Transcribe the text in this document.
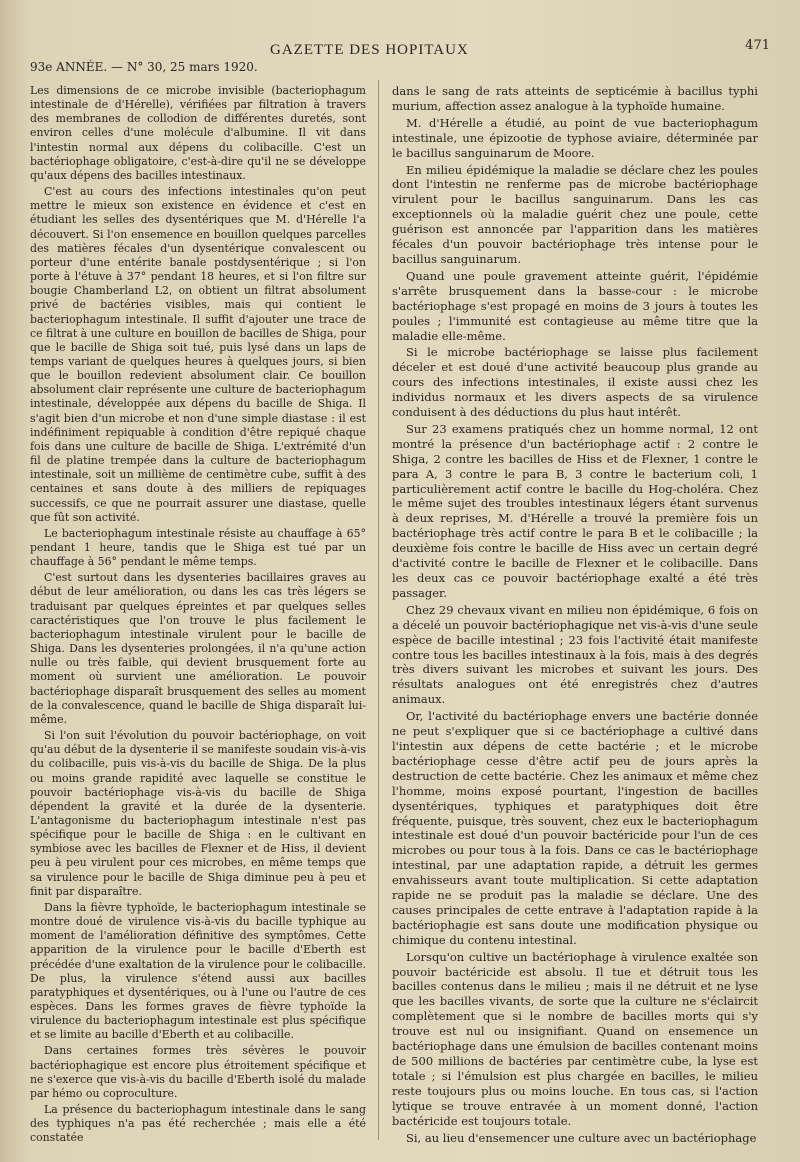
93e ANNÉE. — N° 30, 25 mars 1920.
GAZETTE DES HOPITAUX	471

Les dimensions de ce microbe invisible (bacteriophagum intestinale de d'Hérelle), vérifiées par filtration à travers des membranes de collodion de différentes duretés, sont environ celles d'une molécule d'albumine. Il vit dans l'intestin normal aux dépens du colibacille. C'est un bactériophage obligatoire, c'est-à-dire qu'il ne se développe qu'aux dépens des bacilles intestinaux.

C'est au cours des infections intestinales qu'on peut mettre le mieux son existence en évidence et c'est en étudiant les selles des dysentériques que M. d'Hérelle l'a découvert. Si l'on ensemence en bouillon quelques parcelles des matières fécales d'un dysentérique convalescent ou porteur d'une entérite banale postdysentérique ; si l'on porte à l'étuve à 37° pendant 18 heures, et si l'on filtre sur bougie Chamberland L2, on obtient un filtrat absolument privé de bactéries visibles, mais qui contient le bacteriophagum intestinale. Il suffit d'ajouter une trace de ce filtrat à une culture en bouillon de bacilles de Shiga, pour que le bacille de Shiga soit tué, puis lysé dans un laps de temps variant de quelques heures à quelques jours, si bien que le bouillon redevient absolument clair. Ce bouillon absolument clair représente une culture de bacteriophagum intestinale, développée aux dépens du bacille de Shiga. Il s'agit bien d'un microbe et non d'une simple diastase : il est indéfiniment repiquable à condition d'être repiqué chaque fois dans une culture de bacille de Shiga. L'extrémité d'un fil de platine trempée dans la culture de bacteriophagum intestinale, soit un millième de centimètre cube, suffit à des centaines et sans doute à des milliers de repiquages successifs, ce que ne pourrait assurer une diastase, quelle que fût son activité.

Le bacteriophagum intestinale résiste au chauffage à 65° pendant 1 heure, tandis que le Shiga est tué par un chauffage à 56° pendant le même temps.

C'est surtout dans les dysenteries bacillaires graves au début de leur amélioration, ou dans les cas très légers se traduisant par quelques épreintes et par quelques selles caractéristiques que l'on trouve le plus facilement le bacteriophagum intestinale virulent pour le bacille de Shiga. Dans les dysenteries prolongées, il n'a qu'une action nulle ou très faible, qui devient brusquement forte au moment où survient une amélioration. Le pouvoir bactériophage disparaît brusquement des selles au moment de la convalescence, quand le bacille de Shiga disparaît lui-même.

Si l'on suit l'évolution du pouvoir bactériophage, on voit qu'au début de la dysenterie il se manifeste soudain vis-à-vis du colibacille, puis vis-à-vis du bacille de Shiga. De la plus ou moins grande rapidité avec laquelle se constitue le pouvoir bactériophage vis-à-vis du bacille de Shiga dépendent la gravité et la durée de la dysenterie. L'antagonisme du bacteriophagum intestinale n'est pas spécifique pour le bacille de Shiga : en le cultivant en symbiose avec les bacilles de Flexner et de Hiss, il devient peu à peu virulent pour ces microbes, en même temps que sa virulence pour le bacille de Shiga diminue peu à peu et finit par disparaître.

Dans la fièvre typhoïde, le bacteriophagum intestinale se montre doué de virulence vis-à-vis du bacille typhique au moment de l'amélioration définitive des symptômes. Cette apparition de la virulence pour le bacille d'Eberth est précédée d'une exaltation de la virulence pour le colibacille. De plus, la virulence s'étend aussi aux bacilles paratyphiques et dysentériques, ou à l'une ou l'autre de ces espèces. Dans les formes graves de fièvre typhoïde la virulence du bacteriophagum intestinale est plus spécifique et se limite au bacille d'Eberth et au colibacille.

Dans certaines formes très sévères le pouvoir bactériophagique est encore plus étroitement spécifique et ne s'exerce que vis-à-vis du bacille d'Eberth isolé du malade par hémo ou coproculture.

La présence du bacteriophagum intestinale dans le sang des typhiques n'a pas été recherchée ; mais elle a été constatée

dans le sang de rats atteints de septicémie à bacillus typhi murium, affection assez analogue à la typhoïde humaine.

M. d'Hérelle a étudié, au point de vue bacteriophagum intestinale, une épizootie de typhose aviaire, déterminée par le bacillus sanguinarum de Moore.

En milieu épidémique la maladie se déclare chez les poules dont l'intestin ne renferme pas de microbe bactériophage virulent pour le bacillus sanguinarum. Dans les cas exceptionnels où la maladie guérit chez une poule, cette guérison est annoncée par l'apparition dans les matières fécales d'un pouvoir bactériophage très intense pour le bacillus sanguinarum.

Quand une poule gravement atteinte guérit, l'épidémie s'arrête brusquement dans la basse-cour : le microbe bactériophage s'est propagé en moins de 3 jours à toutes les poules ; l'immunité est contagieuse au même titre que la maladie elle-même.

Si le microbe bactériophage se laisse plus facilement déceler et est doué d'une activité beaucoup plus grande au cours des infections intestinales, il existe aussi chez les individus normaux et les divers aspects de sa virulence conduisent à des déductions du plus haut intérêt.

Sur 23 examens pratiqués chez un homme normal, 12 ont montré la présence d'un bactériophage actif : 2 contre le Shiga, 2 contre les bacilles de Hiss et de Flexner, 1 contre le para A, 3 contre le para B, 3 contre le bacterium coli, 1 particulièrement actif contre le bacille du Hog-choléra. Chez le même sujet des troubles intestinaux légers étant survenus à deux reprises, M. d'Hérelle a trouvé la première fois un bactériophage très actif contre le para B et le colibacille ; la deuxième fois contre le bacille de Hiss avec un certain degré d'activité contre le bacille de Flexner et le colibacille. Dans les deux cas ce pouvoir bactériophage exalté a été très passager.

Chez 29 chevaux vivant en milieu non épidémique, 6 fois on a décelé un pouvoir bactériophagique net vis-à-vis d'une seule espèce de bacille intestinal ; 23 fois l'activité était manifeste contre tous les bacilles intestinaux à la fois, mais à des degrés très divers suivant les microbes et suivant les jours. Des résultats analogues ont été enregistrés chez d'autres animaux.

Or, l'activité du bactériophage envers une bactérie donnée ne peut s'expliquer que si ce bactériophage a cultivé dans l'intestin aux dépens de cette bactérie ; et le microbe bactériophage cesse d'être actif peu de jours après la destruction de cette bactérie. Chez les animaux et même chez l'homme, moins exposé pourtant, l'ingestion de bacilles dysentériques, typhiques et paratyphiques doit être fréquente, puisque, très souvent, chez eux le bacteriophagum intestinale est doué d'un pouvoir bactéricide pour l'un de ces microbes ou pour tous à la fois. Dans ce cas le bactériophage intestinal, par une adaptation rapide, a détruit les germes envahisseurs avant toute multiplication. Si cette adaptation rapide ne se produit pas la maladie se déclare. Une des causes principales de cette entrave à l'adaptation rapide à la bactériophagie est sans doute une modification physique ou chimique du contenu intestinal.

Lorsqu'on cultive un bactériophage à virulence exaltée son pouvoir bactéricide est absolu. Il tue et détruit tous les bacilles contenus dans le milieu ; mais il ne détruit et ne lyse que les bacilles vivants, de sorte que la culture ne s'éclaircit complètement que si le nombre de bacilles morts qui s'y trouve est nul ou insignifiant. Quand on ensemence un bactériophage dans une émulsion de bacilles contenant moins de 500 millions de bactéries par centimètre cube, la lyse est totale ; si l'émulsion est plus chargée en bacilles, le milieu reste toujours plus ou moins louche. En tous cas, si l'action lytique se trouve entravée à un moment donné, l'action bactéricide est toujours totale.

Si, au lieu d'ensemencer une culture avec un bactériophage
